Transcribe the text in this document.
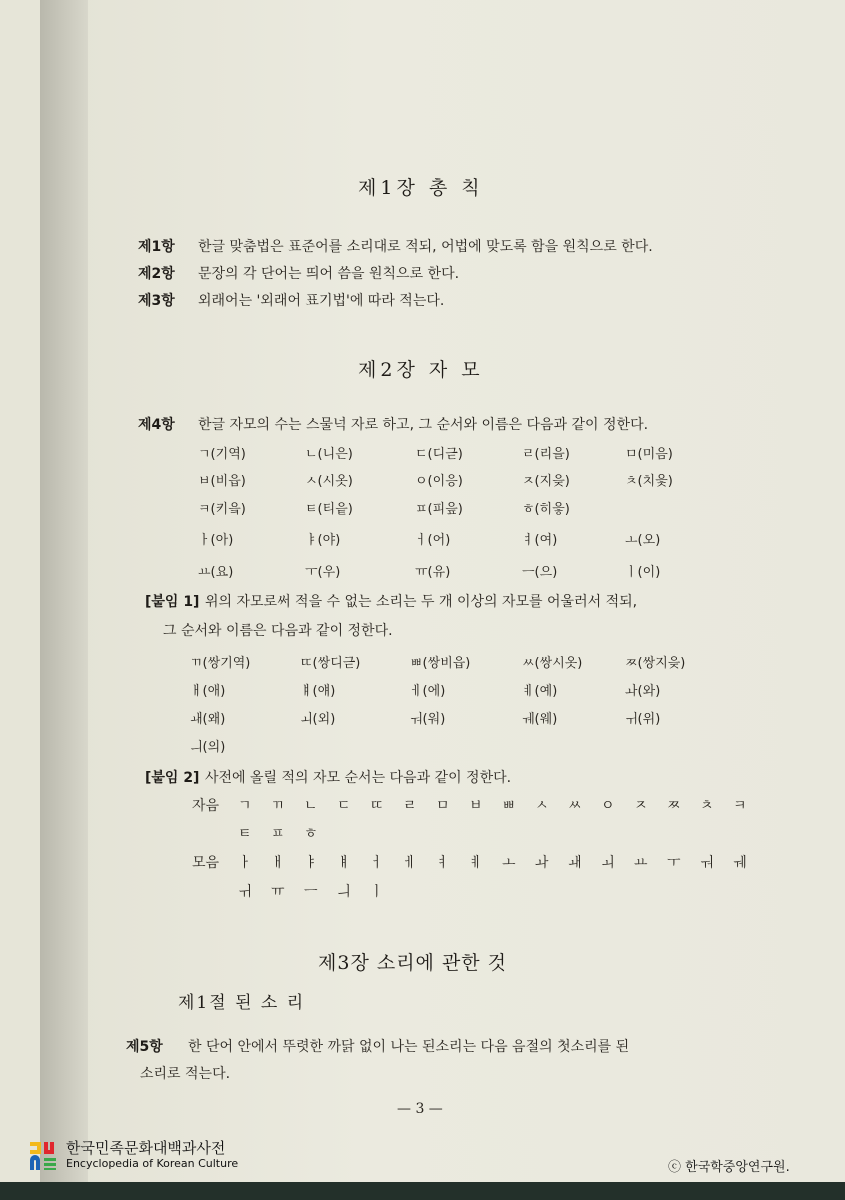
제1장 총 칙
제1항 한글 맞춤법은 표준어를 소리대로 적되, 어법에 맞도록 함을 원칙으로 한다.
제2항 문장의 각 단어는 띄어 씀을 원칙으로 한다.
제3항 외래어는 '외래어 표기법'에 따라 적는다.
제2장 자 모
제4항 한글 자모의 수는 스물넉 자로 하고, 그 순서와 이름은 다음과 같이 정한다.
ㄱ(기역)	ㄴ(니은)	ㄷ(디귿)	ㄹ(리을)	ㅁ(미음)
ㅂ(비읍)	ㅅ(시옷)	ㅇ(이응)	ㅈ(지읒)	ㅊ(치읓)
ㅋ(키읔)	ㅌ(티읕)	ㅍ(피읖)	ㅎ(히읗)
ㅏ(아)	ㅑ(야)	ㅓ(어)	ㅕ(여)	ㅗ(오)
ㅛ(요)	ㅜ(우)	ㅠ(유)	ㅡ(으)	ㅣ(이)
[붙임 1] 위의 자모로써 적을 수 없는 소리는 두 개 이상의 자모를 어울러서 적되,
그 순서와 이름은 다음과 같이 정한다.
ㄲ(쌍기역)	ㄸ(쌍디귿)	ㅃ(쌍비읍)	ㅆ(쌍시옷)	ㅉ(쌍지읒)
ㅐ(애)	ㅒ(얘)	ㅔ(에)	ㅖ(예)	ㅘ(와)
ㅙ(왜)	ㅚ(외)	ㅝ(워)	ㅞ(웨)	ㅟ(위)
ㅢ(의)
[붙임 2] 사전에 올릴 적의 자모 순서는 다음과 같이 정한다.
자음 ㄱ ㄲ ㄴ ㄷ ㄸ ㄹ ㅁ ㅂ ㅃ ㅅ ㅆ ㅇ ㅈ ㅉ ㅊ ㅋ
ㅌ ㅍ ㅎ
모음 ㅏ ㅐ ㅑ ㅒ ㅓ ㅔ ㅕ ㅖ ㅗ ㅘ ㅙ ㅚ ㅛ ㅜ ㅝ ㅞ
ㅟ ㅠ ㅡ ㅢ ㅣ
제3장 소리에 관한 것
제1절 된 소 리
제5항 한 단어 안에서 뚜렷한 까닭 없이 나는 된소리는 다음 음절의 첫소리를 된
소리로 적는다.
— 3 —
한국민족문화대백과사전
Encyclopedia of Korean Culture	ⓒ 한국학중앙연구원.
